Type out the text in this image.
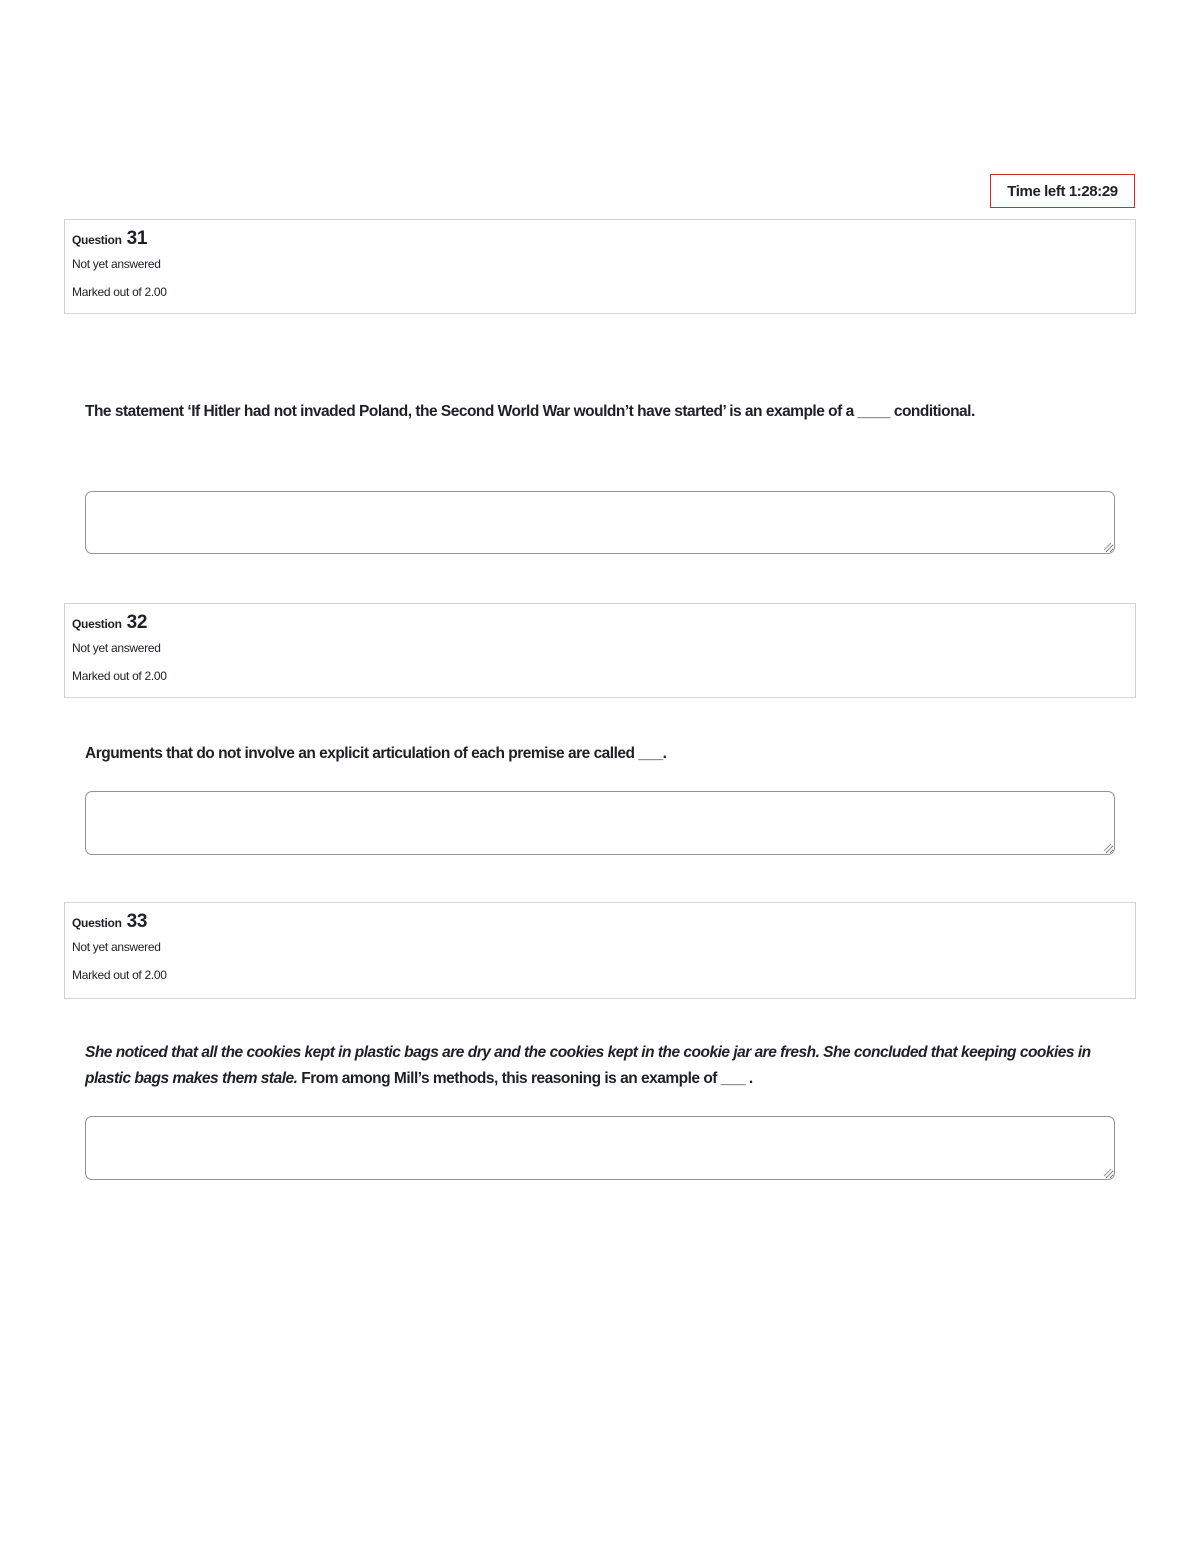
Time left 1:28:29
Question 31
Not yet answered
Marked out of 2.00
The statement ‘If Hitler had not invaded Poland, the Second World War wouldn’t have started’ is an example of a ____ conditional.
Question 32
Not yet answered
Marked out of 2.00
Arguments that do not involve an explicit articulation of each premise are called ___.
Question 33
Not yet answered
Marked out of 2.00
She noticed that all the cookies kept in plastic bags are dry and the cookies kept in the cookie jar are fresh. She concluded that keeping cookies in plastic bags makes them stale. From among Mill’s methods, this reasoning is an example of ___ .
